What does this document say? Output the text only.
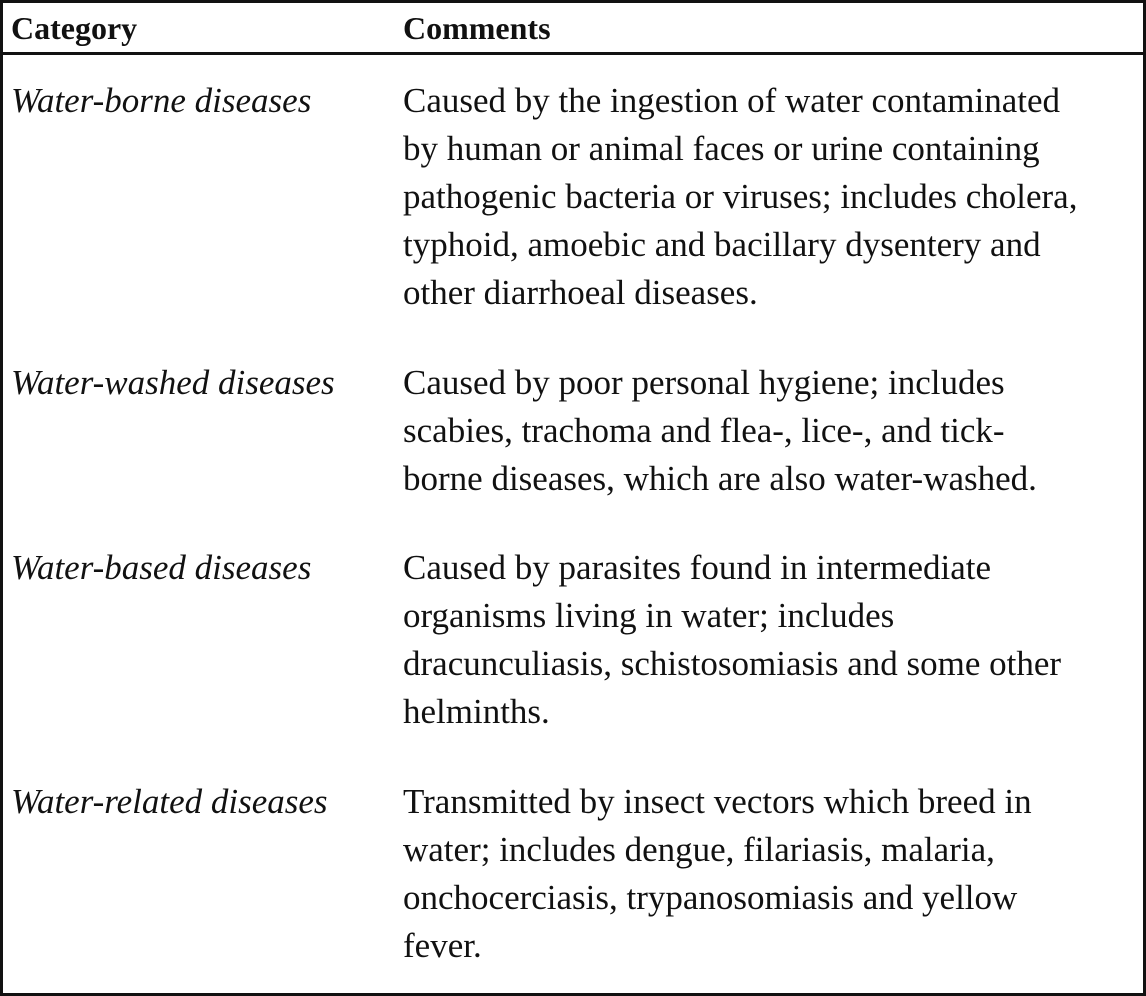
Category	Comments
Water-borne diseases	Caused by the ingestion of water contaminated
by human or animal faces or urine containing
pathogenic bacteria or viruses; includes cholera,
typhoid, amoebic and bacillary dysentery and
other diarrhoeal diseases.
Water-washed diseases Caused by poor personal hygiene; includes
scabies, trachoma and flea-, lice-, and tick-
borne diseases, which are also water-washed.
Water-based diseases	Caused by parasites found in intermediate
organisms living in water; includes
dracunculiasis, schistosomiasis and some other
helminths.
Water-related diseases Transmitted by insect vectors which breed in
water; includes dengue, filariasis, malaria,
onchocerciasis, trypanosomiasis and yellow
fever.
